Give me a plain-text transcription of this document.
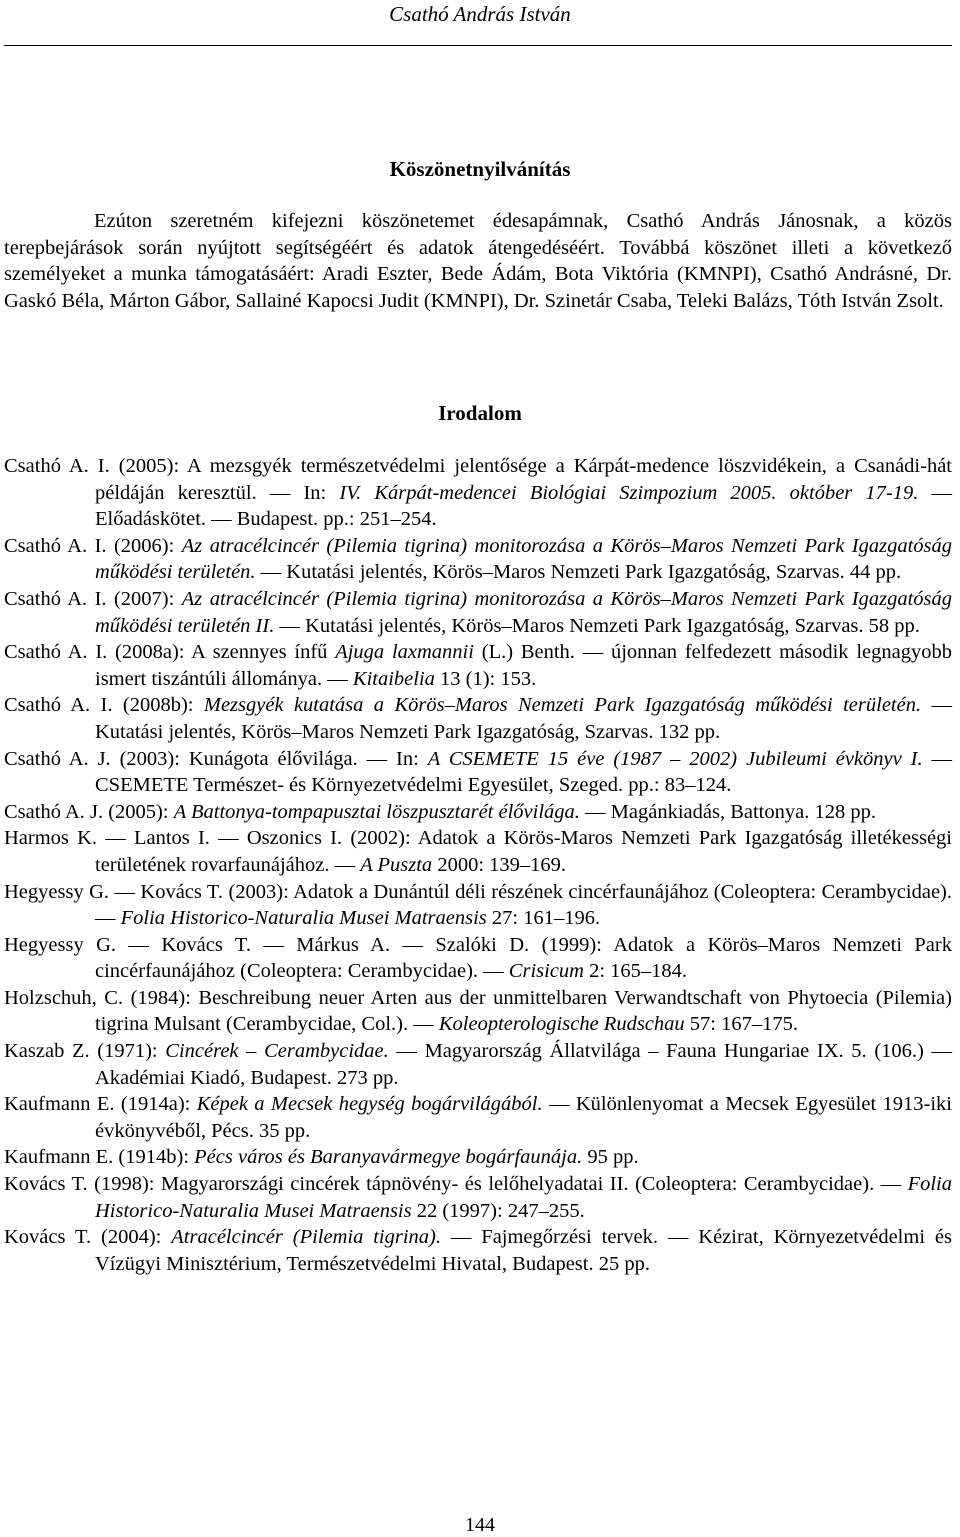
Csathó András István
Köszönetnyilvánítás

Ezúton szeretném kifejezni köszönetemet édesapámnak, Csathó András Jánosnak, a közös terepbejárások során nyújtott segítségéért és adatok átengedéséért. Továbbá köszönet illeti a következő személyeket a munka támogatásáért: Aradi Eszter, Bede Ádám, Bota Viktória (KMNPI), Csathó Andrásné, Dr. Gaskó Béla, Márton Gábor, Sallainé Kapocsi Judit (KMNPI), Dr. Szinetár Csaba, Teleki Balázs, Tóth István Zsolt.

Irodalom

Csathó A. I. (2005): A mezsgyék természetvédelmi jelentősége a Kárpát-medence löszvidékein, a Csanádi-hát példáján keresztül. — In: IV. Kárpát-medencei Biológiai Szimpozium 2005. október 17-19. — Előadáskötet. — Budapest. pp.: 251–254.

Csathó A. I. (2006): Az atracélcincér (Pilemia tigrina) monitorozása a Körös–Maros Nemzeti Park Igazgatóság működési területén. — Kutatási jelentés, Körös–Maros Nemzeti Park Igazgatóság, Szarvas. 44 pp.

Csathó A. I. (2007): Az atracélcincér (Pilemia tigrina) monitorozása a Körös–Maros Nemzeti Park Igazgatóság működési területén II. — Kutatási jelentés, Körös–Maros Nemzeti Park Igazgatóság, Szarvas. 58 pp.

Csathó A. I. (2008a): A szennyes ínfű Ajuga laxmannii (L.) Benth. — újonnan felfedezett második legnagyobb ismert tiszántúli állománya. — Kitaibelia 13 (1): 153.

Csathó A. I. (2008b): Mezsgyék kutatása a Körös–Maros Nemzeti Park Igazgatóság működési területén. — Kutatási jelentés, Körös–Maros Nemzeti Park Igazgatóság, Szarvas. 132 pp.

Csathó A. J. (2003): Kunágota élővilága. — In: A CSEMETE 15 éve (1987 – 2002) Jubileumi évkönyv I. — CSEMETE Természet- és Környezetvédelmi Egyesület, Szeged. pp.: 83–124.

Csathó A. J. (2005): A Battonya-tompapusztai löszpusztarét élővilága. — Magánkiadás, Battonya. 128 pp.

Harmos K. — Lantos I. — Oszonics I. (2002): Adatok a Körös-Maros Nemzeti Park Igazgatóság illetékességi területének rovarfaunájához. — A Puszta 2000: 139–169.

Hegyessy G. — Kovács T. (2003): Adatok a Dunántúl déli részének cincérfaunájához (Coleoptera: Cerambycidae). — Folia Historico-Naturalia Musei Matraensis 27: 161–196.

Hegyessy G. — Kovács T. — Márkus A. — Szalóki D. (1999): Adatok a Körös–Maros Nemzeti Park cincérfaunájához (Coleoptera: Cerambycidae). — Crisicum 2: 165–184.

Holzschuh, C. (1984): Beschreibung neuer Arten aus der unmittelbaren Verwandtschaft von Phytoecia (Pilemia) tigrina Mulsant (Cerambycidae, Col.). — Koleopterologische Rudschau 57: 167–175.

Kaszab Z. (1971): Cincérek – Cerambycidae. — Magyarország Állatvilága – Fauna Hungariae IX. 5. (106.) — Akadémiai Kiadó, Budapest. 273 pp.

Kaufmann E. (1914a): Képek a Mecsek hegység bogárvilágából. — Különlenyomat a Mecsek Egyesület 1913-iki évkönyvéből, Pécs. 35 pp.

Kaufmann E. (1914b): Pécs város és Baranyavármegye bogárfaunája. 95 pp.

Kovács T. (1998): Magyarországi cincérek tápnövény- és lelőhelyadatai II. (Coleoptera: Cerambycidae). — Folia Historico-Naturalia Musei Matraensis 22 (1997): 247–255.

Kovács T. (2004): Atracélcincér (Pilemia tigrina). — Fajmegőrzési tervek. — Kézirat, Környezetvédelmi és Vízügyi Minisztérium, Természetvédelmi Hivatal, Budapest. 25 pp.

144
